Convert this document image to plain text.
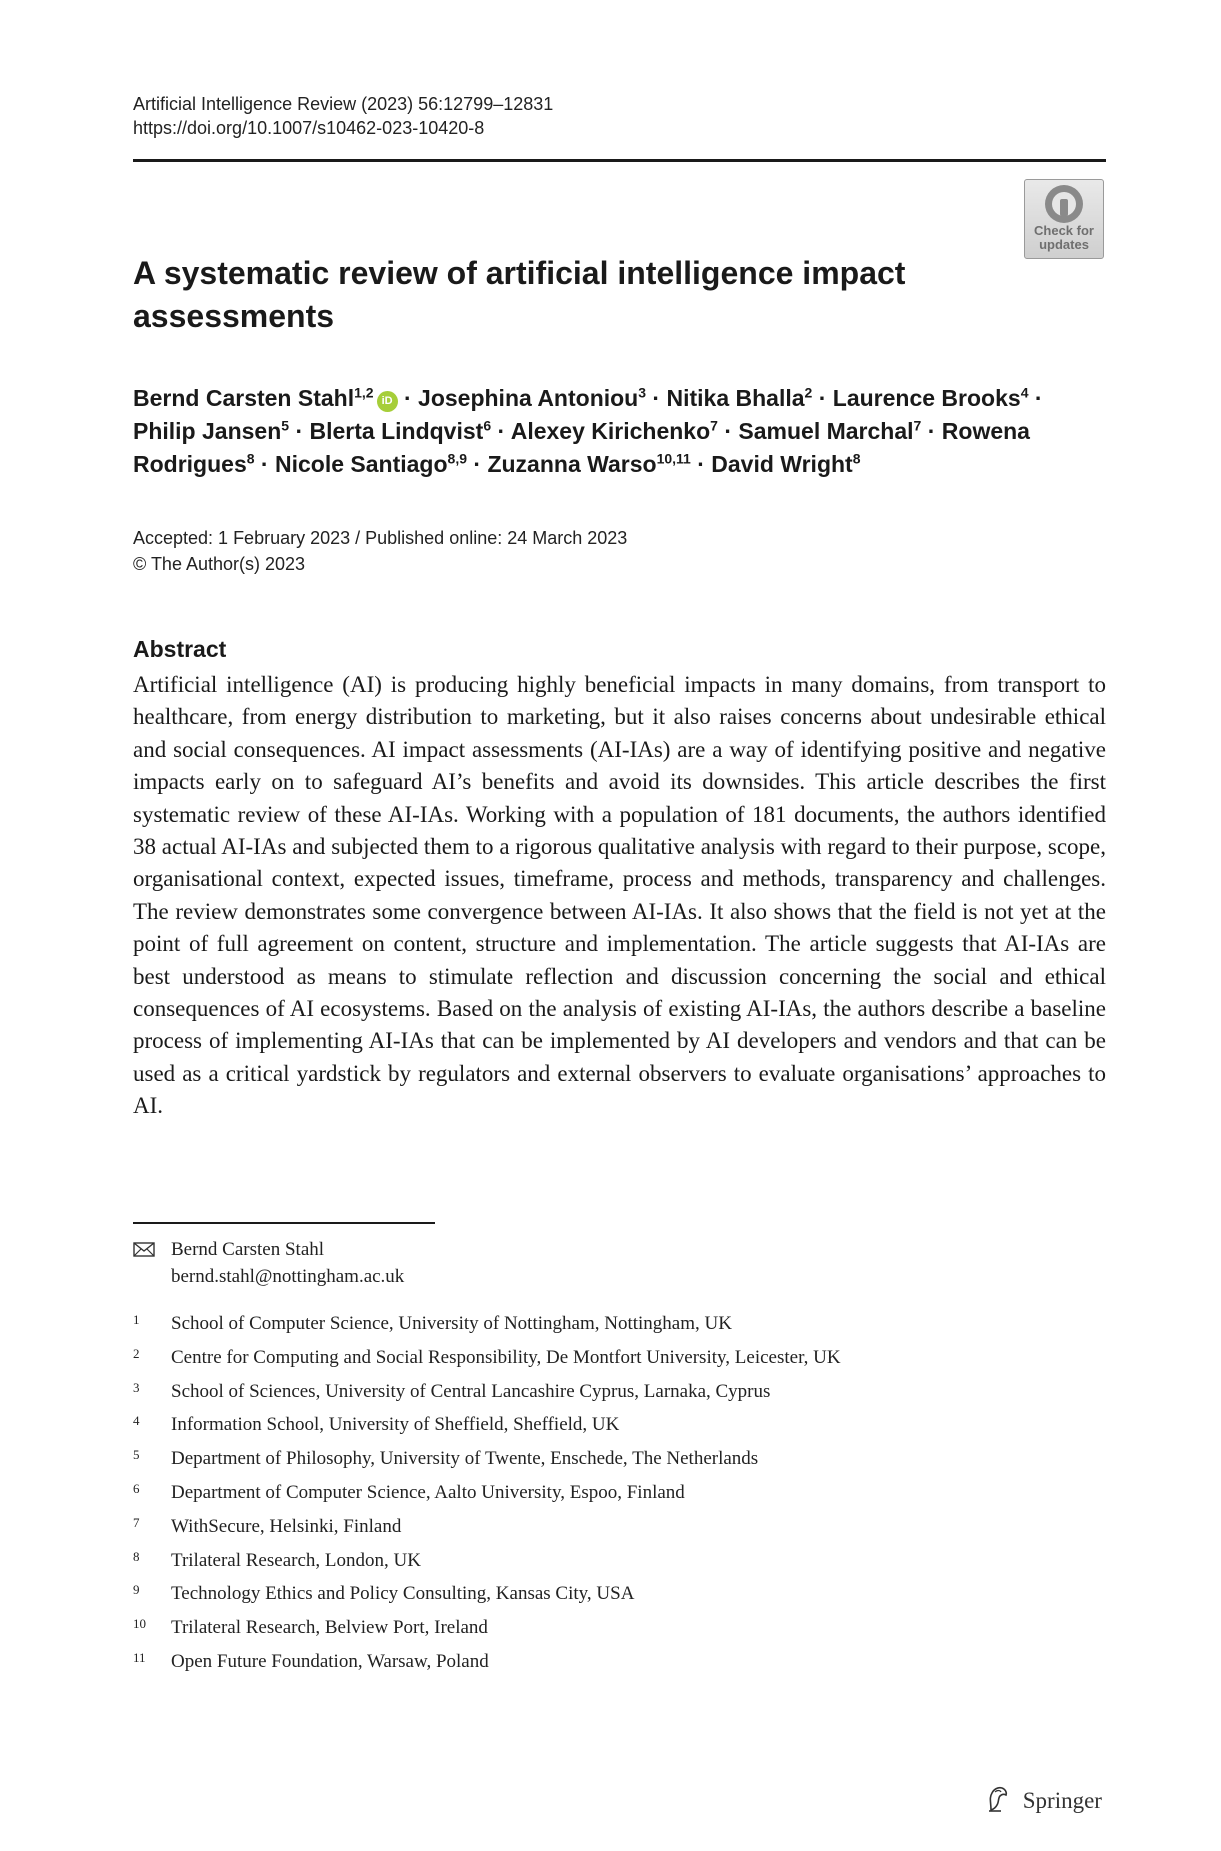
Artificial Intelligence Review (2023) 56:12799–12831
https://doi.org/10.1007/s10462-023-10420-8
Check for
updates
A systematic review of artificial intelligence impact assessments
Bernd Carsten Stahl$^{1,2}$iD · Josephina Antoniou$^3$ · Nitika Bhalla$^2$ · Laurence Brooks$^4$ · Philip Jansen$^5$ · Blerta Lindqvist$^6$ · Alexey Kirichenko$^7$ · Samuel Marchal$^7$ · Rowena Rodrigues$^8$ · Nicole Santiago$^{8,9}$ · Zuzanna Warso$^{10,11}$ · David Wright$^8$
Accepted: 1 February 2023 / Published online: 24 March 2023
© The Author(s) 2023
Abstract
Artificial intelligence (AI) is producing highly beneficial impacts in many domains, from transport to healthcare, from energy distribution to marketing, but it also raises concerns about undesirable ethical and social consequences. AI impact assessments (AI-IAs) are a way of identifying positive and negative impacts early on to safeguard AI’s benefits and avoid its downsides. This article describes the first systematic review of these AI-IAs. Working with a population of 181 documents, the authors identified 38 actual AI-IAs and subjected them to a rigorous qualitative analysis with regard to their purpose, scope, organisational context, expected issues, timeframe, process and methods, transparency and challenges. The review demonstrates some convergence between AI-IAs. It also shows that the field is not yet at the point of full agreement on content, structure and implementation. The article suggests that AI-IAs are best understood as means to stimulate reflection and discussion concerning the social and ethical consequences of AI ecosystems. Based on the analysis of existing AI-IAs, the authors describe a baseline process of implementing AI-IAs that can be implemented by AI developers and vendors and that can be used as a critical yardstick by regulators and external observers to evaluate organisations’ approaches to AI.
Bernd Carsten Stahl
bernd.stahl@nottingham.ac.uk
1 School of Computer Science, University of Nottingham, Nottingham, UK
2 Centre for Computing and Social Responsibility, De Montfort University, Leicester, UK
3 School of Sciences, University of Central Lancashire Cyprus, Larnaka, Cyprus
4 Information School, University of Sheffield, Sheffield, UK
5 Department of Philosophy, University of Twente, Enschede, The Netherlands
6 Department of Computer Science, Aalto University, Espoo, Finland
7 WithSecure, Helsinki, Finland
8 Trilateral Research, London, UK
9 Technology Ethics and Policy Consulting, Kansas City, USA
10 Trilateral Research, Belview Port, Ireland
11 Open Future Foundation, Warsaw, Poland
Springer
